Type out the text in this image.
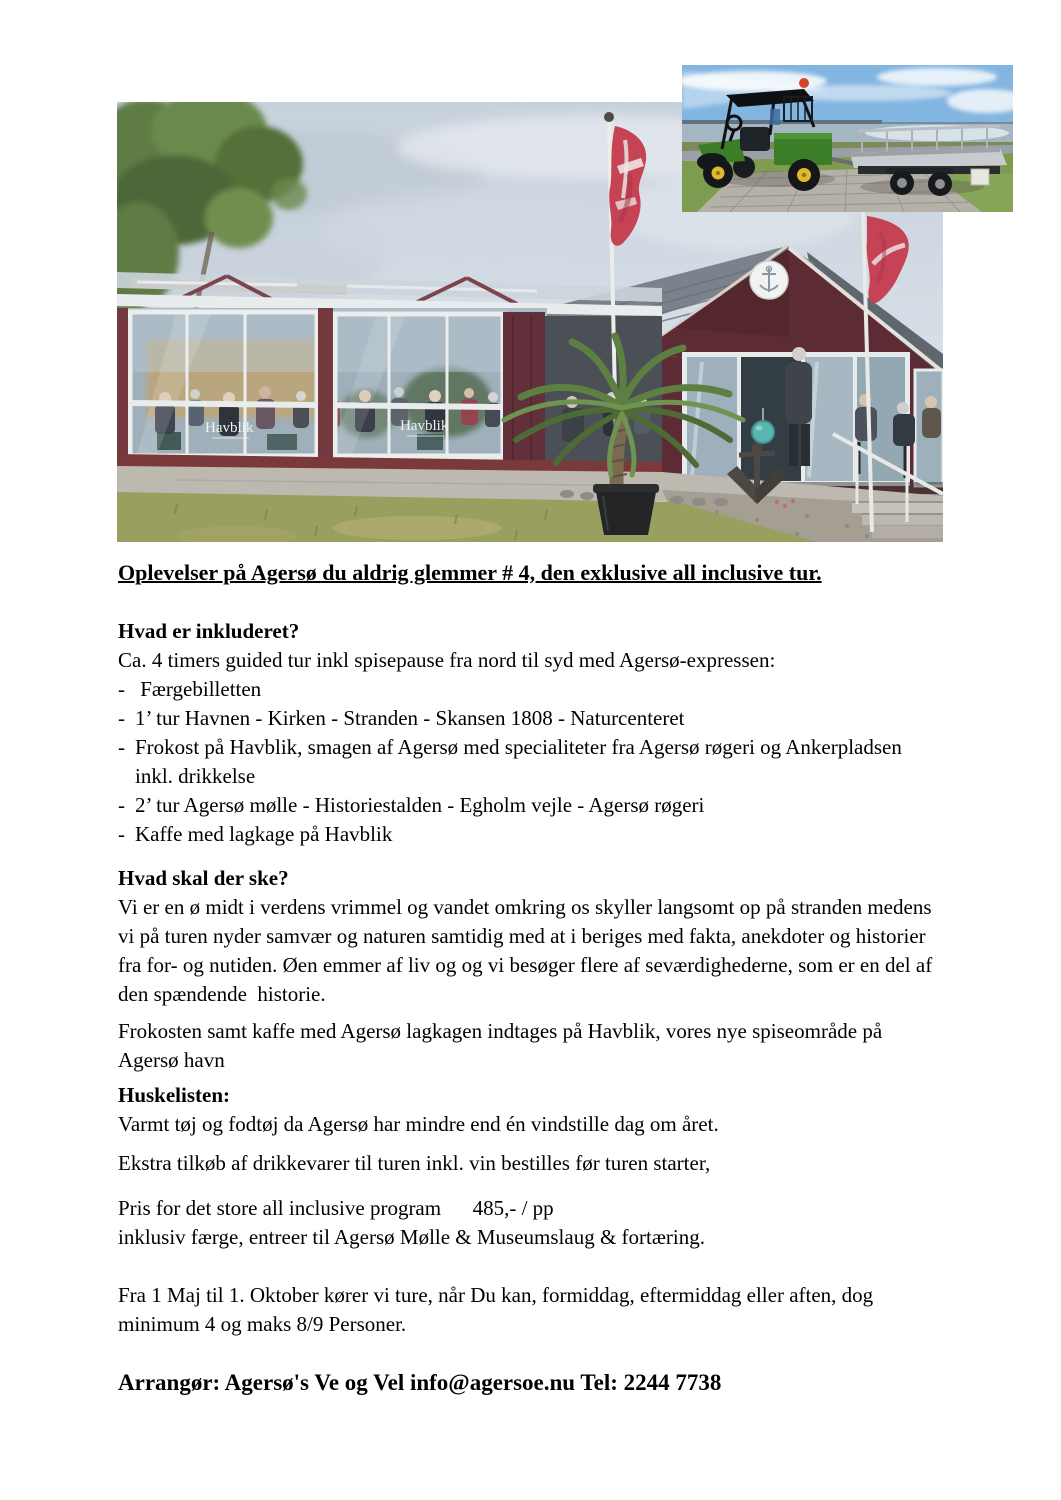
Havblik	Havblik

Oplevelser på Agersø du aldrig glemmer # 4, den exklusive all inclusive tur.

Hvad er inkluderet?

Ca. 4 timers guided tur inkl spisepause fra nord til syd med Agersø-expressen:

- Færgebilletten
- 1’ tur Havnen - Kirken - Stranden - Skansen 1808 - Naturcenteret
- Frokost på Havblik, smagen af Agersø med specialiteter fra Agersø røgeri og Ankerpladsen inkl. drikkelse
- 2’ tur Agersø mølle - Historiestalden - Egholm vejle - Agersø røgeri
- Kaffe med lagkage på Havblik

Hvad skal der ske?

Vi er en ø midt i verdens vrimmel og vandet omkring os skyller langsomt op på stranden medens vi på turen nyder samvær og naturen samtidig med at i beriges med fakta, anekdoter og historier fra for- og nutiden. Øen emmer af liv og og vi besøger flere af seværdighederne, som er en del af den spændende  historie.

Frokosten samt kaffe med Agersø lagkagen indtages på Havblik, vores nye spiseområde på Agersø havn

Huskelisten:

Varmt tøj og fodtøj da Agersø har mindre end én vindstille dag om året.

Ekstra tilkøb af drikkevarer til turen inkl. vin bestilles før turen starter,

Pris for det store all inclusive program      485,- / pp

inklusiv færge, entreer til Agersø Mølle & Museumslaug & fortæring.

Fra 1 Maj til 1. Oktober kører vi ture, når Du kan, formiddag, eftermiddag eller aften, dog minimum 4 og maks 8/9 Personer.

Arrangør: Agersø's Ve og Vel info@agersoe.nu Tel: 2244 7738
